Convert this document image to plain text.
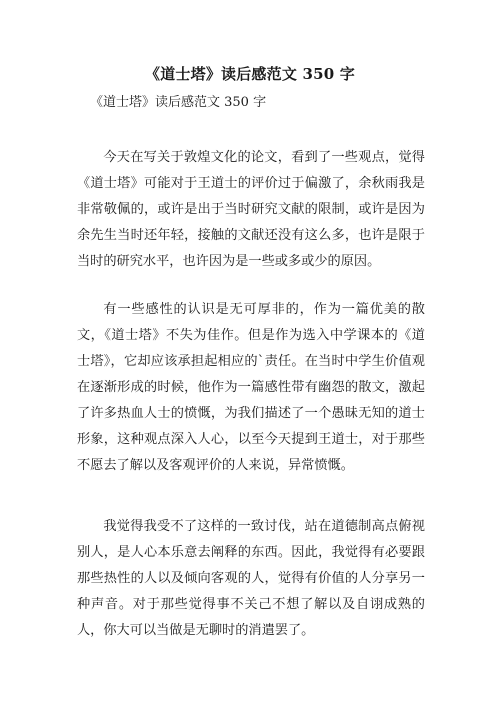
《道士塔》读后感范文 350 字
《道士塔》读后感范文 350 字

今天在写关于敦煌文化的论文，看到了一些观点，觉得《道士塔》可能对于王道士的评价过于偏激了，余秋雨我是非常敬佩的，或许是出于当时研究文献的限制，或许是因为余先生当时还年轻，接触的文献还没有这么多，也许是限于当时的研究水平，也许因为是一些或多或少的原因。

有一些感性的认识是无可厚非的，作为一篇优美的散文，《道士塔》不失为佳作。但是作为选入中学课本的《道士塔》，它却应该承担起相应的`责任。在当时中学生价值观在逐渐形成的时候，他作为一篇感性带有幽怨的散文，激起了许多热血人士的愤慨，为我们描述了一个愚昧无知的道士形象，这种观点深入人心，以至今天提到王道士，对于那些不愿去了解以及客观评价的人来说，异常愤慨。

我觉得我受不了这样的一致讨伐，站在道德制高点俯视别人，是人心本乐意去阐释的东西。因此，我觉得有必要跟那些热性的人以及倾向客观的人，觉得有价值的人分享另一种声音。对于那些觉得事不关己不想了解以及自诩成熟的人，你大可以当做是无聊时的消遣罢了。
